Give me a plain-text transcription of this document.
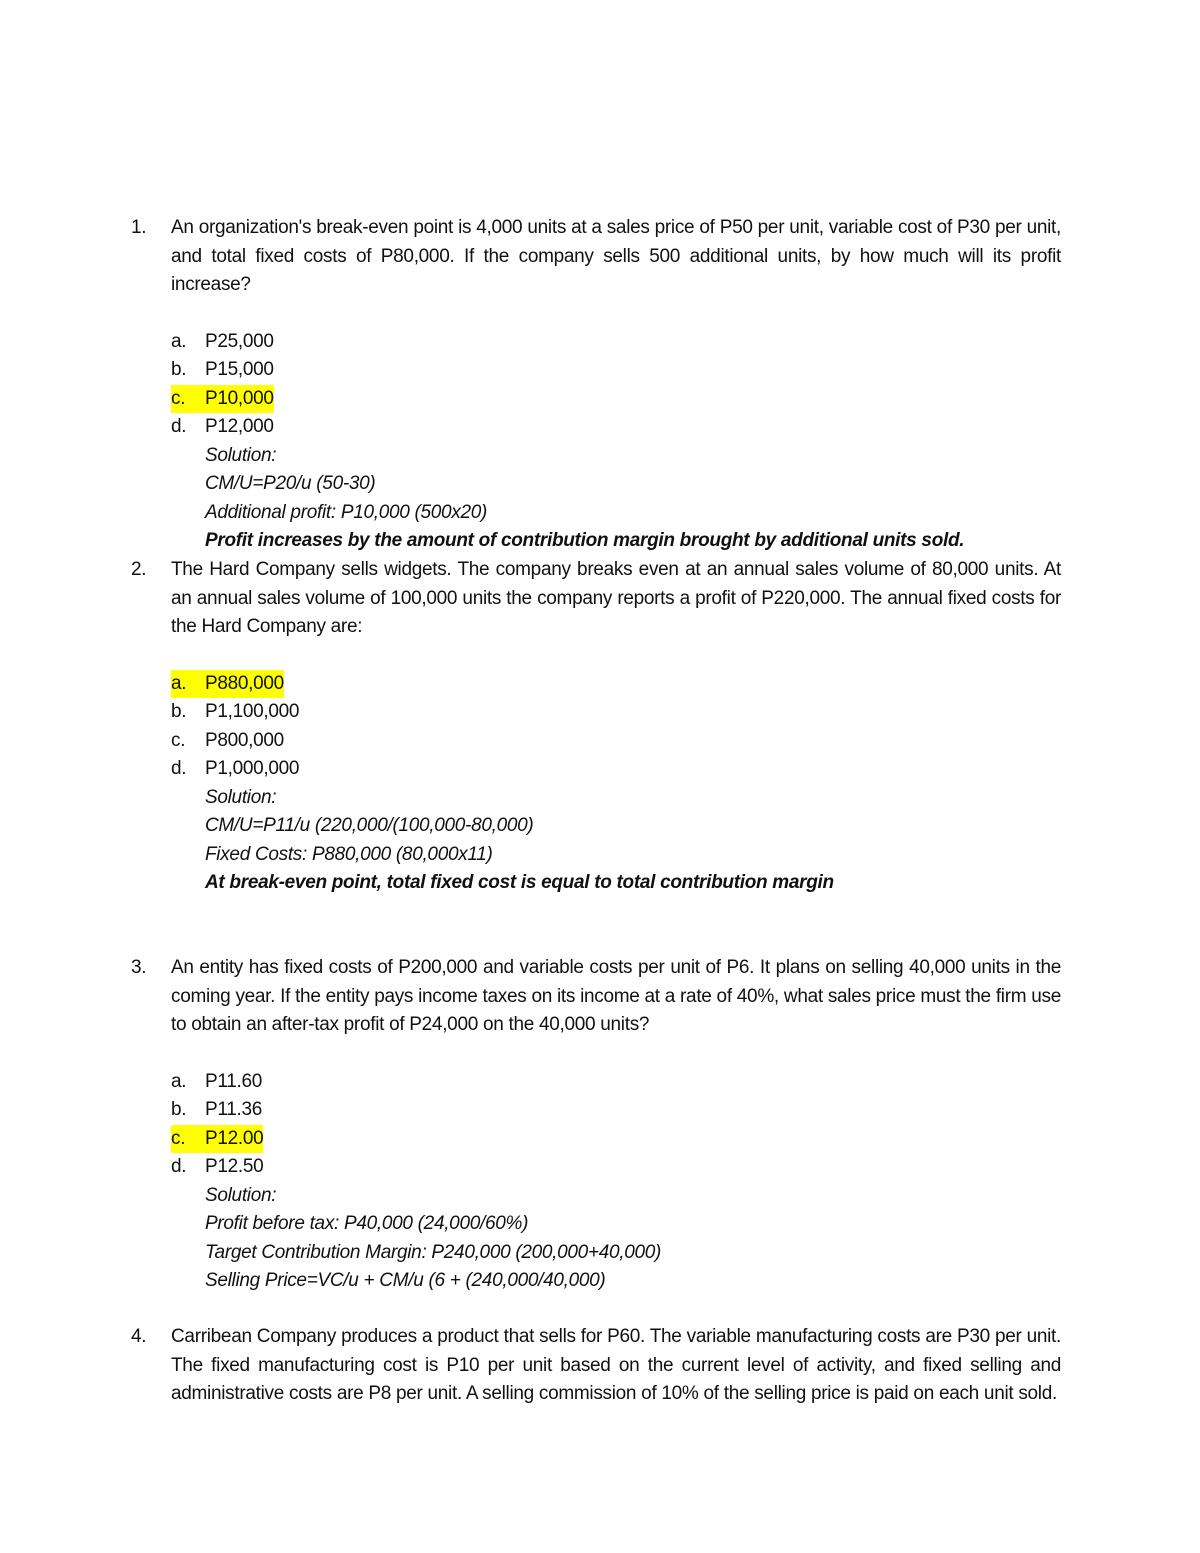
1.	An organization's break-even point is 4,000 units at a sales price of P50 per unit, variable cost of P30 per unit, and total fixed costs of P80,000. If the company sells 500 additional units, by how much will its profit increase?
a. P25,000
b. P15,000
c.	P10,000
d. P12,000
Solution:
CM/U=P20/u (50-30)
Additional profit: P10,000 (500x20)
Profit increases by the amount of contribution margin brought by additional units sold.
2.	The Hard Company sells widgets. The company breaks even at an annual sales volume of 80,000 units. At an annual sales volume of 100,000 units the company reports a profit of P220,000. The annual fixed costs for the Hard Company are:
a. P880,000
b. P1,100,000
c.	P800,000
d. P1,000,000
Solution:
CM/U=P11/u (220,000/(100,000-80,000)
Fixed Costs: P880,000 (80,000x11)
At break-even point, total fixed cost is equal to total contribution margin
3.	An entity has fixed costs of P200,000 and variable costs per unit of P6. It plans on selling 40,000 units in the coming year. If the entity pays income taxes on its income at a rate of 40%, what sales price must the firm use to obtain an after-tax profit of P24,000 on the 40,000 units?
a. P11.60
b. P11.36
c.	P12.00
d. P12.50
Solution:
Profit before tax: P40,000 (24,000/60%)
Target Contribution Margin: P240,000 (200,000+40,000)
Selling Price=VC/u + CM/u (6 + (240,000/40,000)
4.	Carribean Company produces a product that sells for P60. The variable manufacturing costs are P30 per unit. The fixed manufacturing cost is P10 per unit based on the current level of activity, and fixed selling and administrative costs are P8 per unit. A selling commission of 10% of the selling price is paid on each unit sold.
